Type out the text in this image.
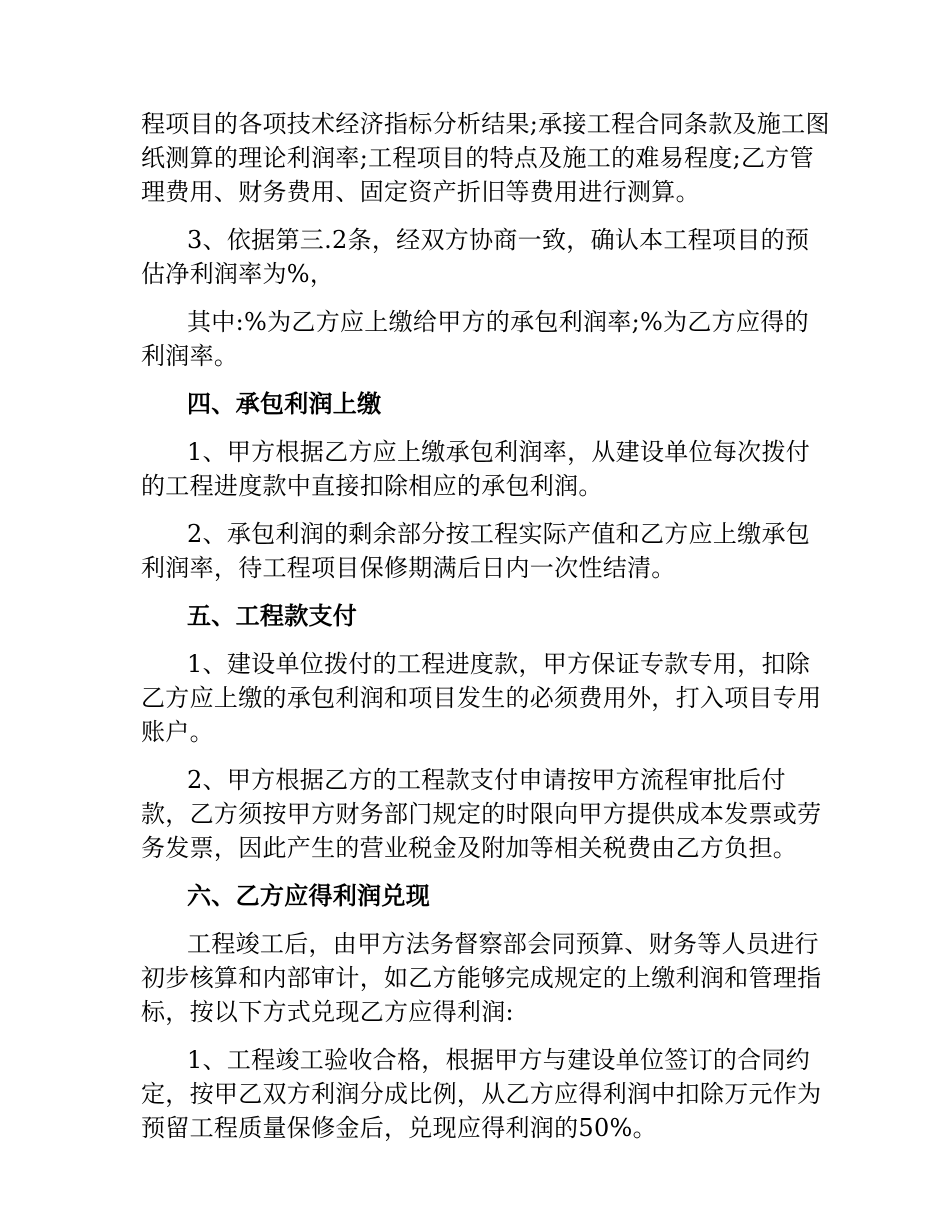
程项目的各项技术经济指标分析结果;承接工程合同条款及施工图纸测算的理论利润率;工程项目的特点及施工的难易程度;乙方管理费用、财务费用、固定资产折旧等费用进行测算。

3、依据第三.2条，经双方协商一致，确认本工程项目的预估净利润率为%，

其中:%为乙方应上缴给甲方的承包利润率;%为乙方应得的利润率。

四、承包利润上缴

1、甲方根据乙方应上缴承包利润率，从建设单位每次拨付的工程进度款中直接扣除相应的承包利润。

2、承包利润的剩余部分按工程实际产值和乙方应上缴承包利润率，待工程项目保修期满后日内一次性结清。

五、工程款支付

1、建设单位拨付的工程进度款，甲方保证专款专用，扣除乙方应上缴的承包利润和项目发生的必须费用外，打入项目专用账户。

2、甲方根据乙方的工程款支付申请按甲方流程审批后付款，乙方须按甲方财务部门规定的时限向甲方提供成本发票或劳务发票，因此产生的营业税金及附加等相关税费由乙方负担。

六、乙方应得利润兑现

工程竣工后，由甲方法务督察部会同预算、财务等人员进行初步核算和内部审计，如乙方能够完成规定的上缴利润和管理指标，按以下方式兑现乙方应得利润:

1、工程竣工验收合格，根据甲方与建设单位签订的合同约定，按甲乙双方利润分成比例，从乙方应得利润中扣除万元作为预留工程质量保修金后，兑现应得利润的50%。
